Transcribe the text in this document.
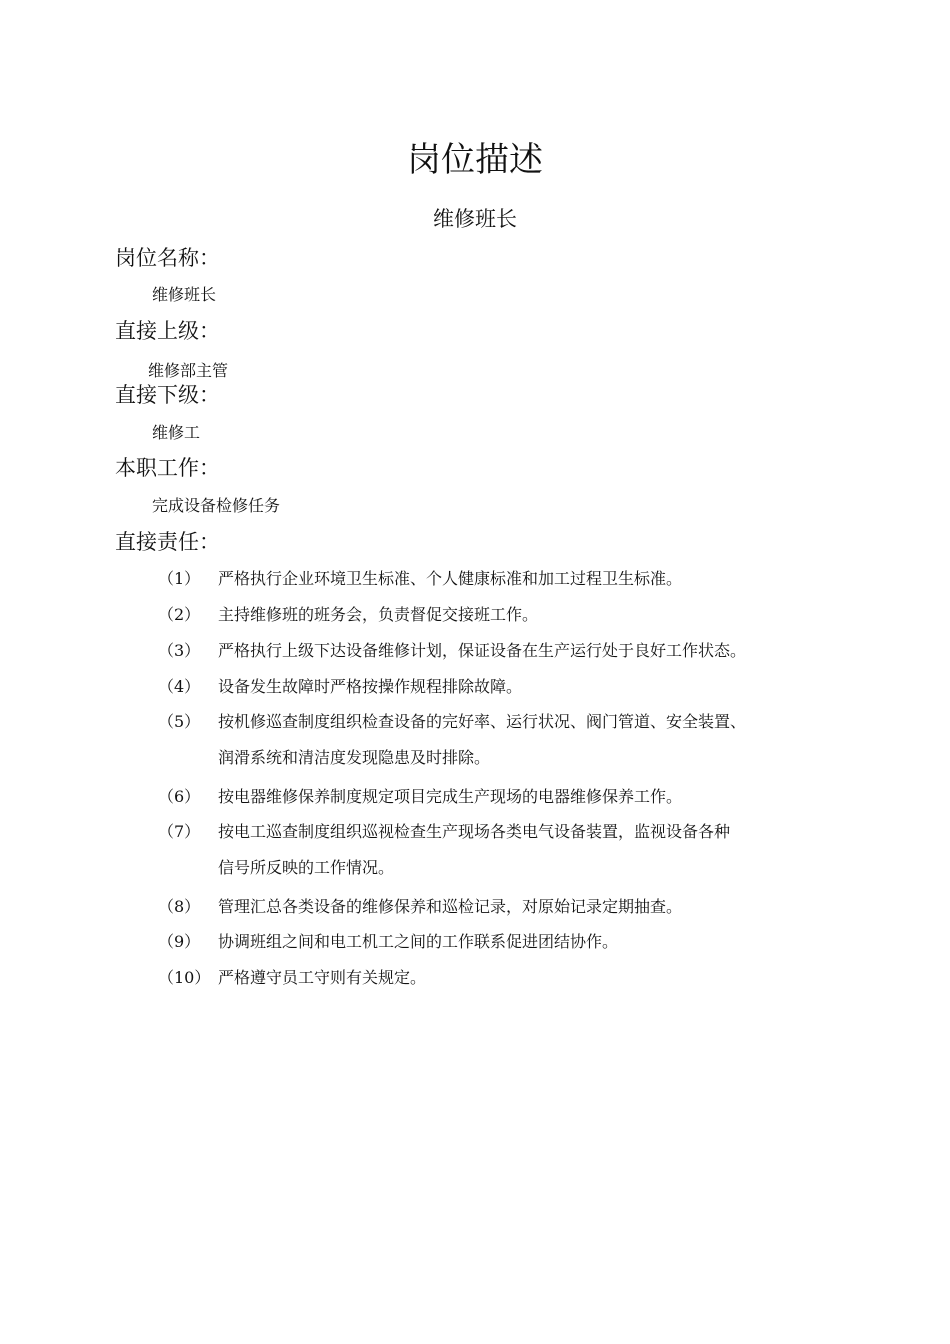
岗位描述
维修班长
岗位名称：
维修班长
直接上级：
维修部主管
直接下级：
维修工
本职工作：
完成设备检修任务
直接责任：
（1） 严格执行企业环境卫生标准、个人健康标准和加工过程卫生标准。
（2） 主持维修班的班务会，负责督促交接班工作。
（3） 严格执行上级下达设备维修计划，保证设备在生产运行处于良好工作状态。
（4） 设备发生故障时严格按操作规程排除故障。
（5） 按机修巡查制度组织检查设备的完好率、运行状况、阀门管道、安全装置、
润滑系统和清洁度发现隐患及时排除。
（6） 按电器维修保养制度规定项目完成生产现场的电器维修保养工作。
（7） 按电工巡查制度组织巡视检查生产现场各类电气设备装置，监视设备各种
信号所反映的工作情况。
（8） 管理汇总各类设备的维修保养和巡检记录，对原始记录定期抽查。
（9） 协调班组之间和电工机工之间的工作联系促进团结协作。
（10） 严格遵守员工守则有关规定。
